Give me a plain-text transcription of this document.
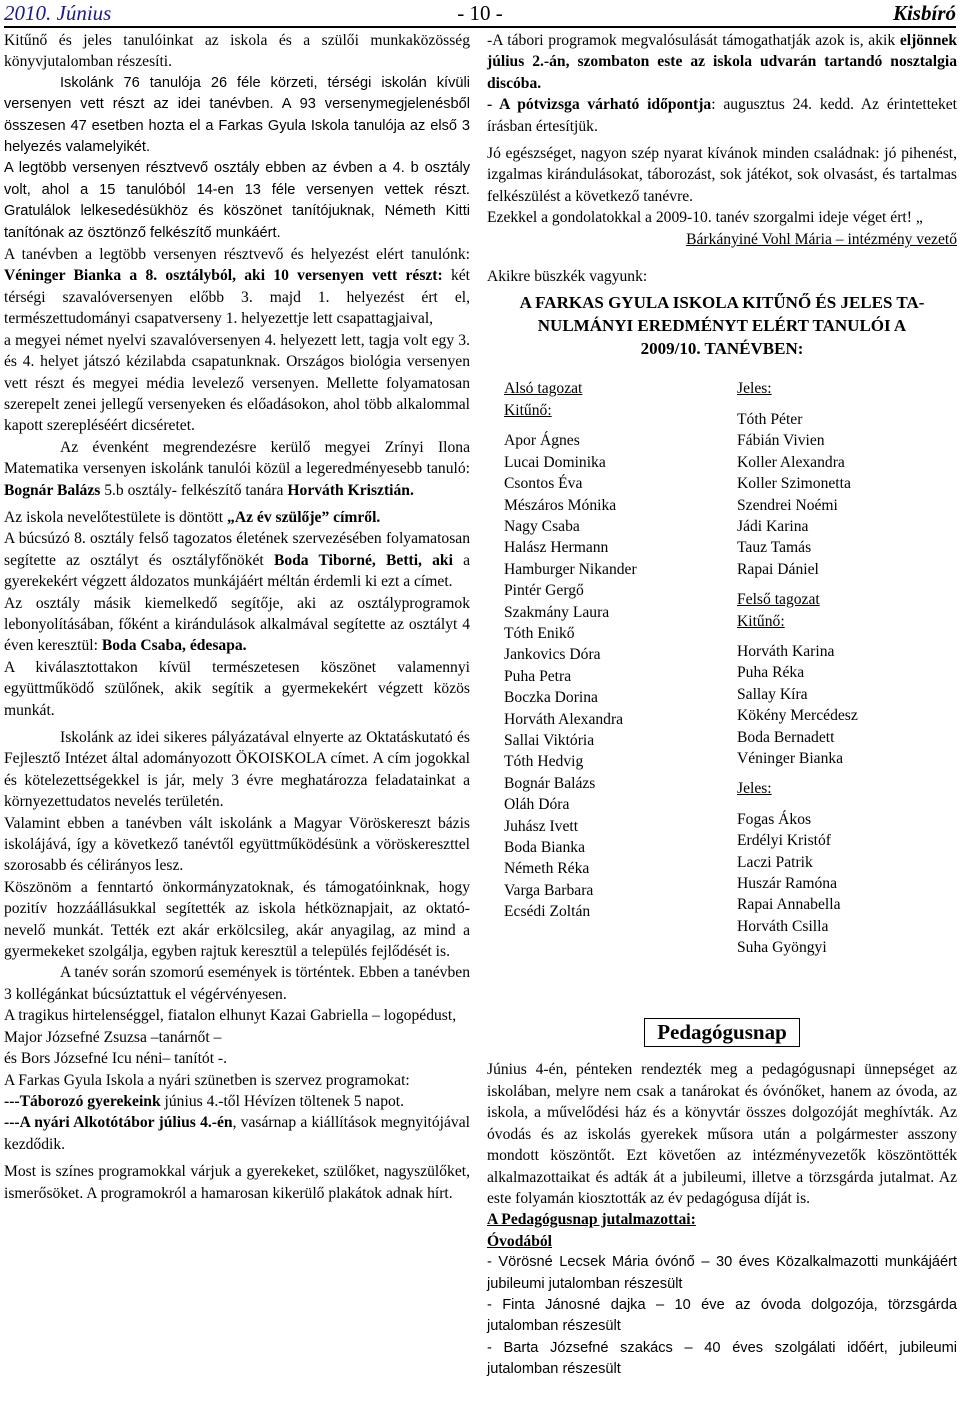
2010. Június	- 10 -	Kisbíró

Kitűnő és jeles tanulóinkat az iskola és a szülői munkaközösség könyvjutalomban részesíti.

Iskolánk 76 tanulója 26 féle körzeti, térségi iskolán kívüli versenyen vett részt az idei tanévben. A 93 versenymegjelenésből összesen 47 esetben hozta el a Farkas Gyula Iskola tanulója az első 3 helyezés valamelyikét.

A legtöbb versenyen résztvevő osztály ebben az évben a 4. b osztály volt, ahol a 15 tanulóból 14-en 13 féle versenyen vettek részt. Gratulálok lelkesedésükhöz és köszönet tanítójuknak, Németh Kitti tanítónak az ösztönző felkészítő munkáért.

A tanévben a legtöbb versenyen résztvevő és helyezést elért tanulónk: Véninger Bianka a 8. osztályból, aki 10 versenyen vett részt: két térségi szavalóversenyen előbb 3. majd 1. helyezést ért el, természettudományi csapatverseny 1. helyezettje lett csapattagjaival,

a megyei német nyelvi szavalóversenyen 4. helyezett lett, tagja volt egy 3. és 4. helyet játszó kézilabda csapatunknak. Országos biológia versenyen vett részt és megyei média levelező versenyen. Mellette folyamatosan szerepelt zenei jellegű versenyeken és előadásokon, ahol több alkalommal kapott szerepléséért dicséretet.

Az évenként megrendezésre kerülő megyei Zrínyi Ilona Matematika versenyen iskolánk tanulói közül a legeredményesebb tanuló: Bognár Balázs 5.b osztály- felkészítő tanára Horváth Krisztián.

Az iskola nevelőtestülete is döntött „Az év szülője” címről.

A búcsúzó 8. osztály felső tagozatos életének szervezésében folyamatosan segítette az osztályt és osztályfőnökét Boda Tiborné, Betti, aki a gyerekekért végzett áldozatos munkájáért méltán érdemli ki ezt a címet.

Az osztály másik kiemelkedő segítője, aki az osztályprogramok lebonyolításában, főként a kirándulások alkalmával segítette az osztályt 4 éven keresztül: Boda Csaba, édesapa.

A kiválasztottakon kívül természetesen köszönet valamennyi együttműködő szülőnek, akik segítik a gyermekekért végzett közös munkát.

Iskolánk az idei sikeres pályázatával elnyerte az Oktatáskutató és Fejlesztő Intézet által adományozott ÖKOISKOLA címet. A cím jogokkal és kötelezettségekkel is jár, mely 3 évre meghatározza feladatainkat a környezettudatos nevelés területén.

Valamint ebben a tanévben vált iskolánk a Magyar Vöröskereszt bázis iskolájává, így a következő tanévtől együttműködésünk a vöröskereszttel szorosabb és célirányos lesz.

Köszönöm a fenntartó önkormányzatoknak, és támogatóinknak, hogy pozitív hozzáállásukkal segítették az iskola hétköznapjait, az oktató-nevelő munkát. Tették ezt akár erkölcsileg, akár anyagilag, az mind a gyermekeket szolgálja, egyben rajtuk keresztül a település fejlődését is.

A tanév során szomorú események is történtek. Ebben a tanévben 3 kollégánkat búcsúztattuk el végérvényesen.

A tragikus hirtelenséggel, fiatalon elhunyt Kazai Gabriella – logopédust,

Major Józsefné Zsuzsa –tanárnőt –

és Bors Józsefné Icu néni– tanítót -.

A Farkas Gyula Iskola a nyári szünetben is szervez programokat:

---Táborozó gyerekeink június 4.-től Hévízen töltenek 5 napot.

---A nyári Alkotótábor július 4.-én, vasárnap a kiállítások megnyitójával kezdődik.

Most is színes programokkal várjuk a gyerekeket, szülőket, nagyszülőket, ismerősöket. A programokról a hamarosan kikerülő plakátok adnak hírt.

-A tábori programok megvalósulását támogathatják azok is, akik eljönnek július 2.-án, szombaton este az iskola udvarán tartandó nosztalgia discóba.

- A pótvizsga várható időpontja: augusztus 24. kedd. Az érintetteket írásban értesítjük.

Jó egészséget, nagyon szép nyarat kívánok minden családnak: jó pihenést, izgalmas kirándulásokat, táborozást, sok játékot, sok olvasást, és tartalmas felkészülést a következő tanévre.

Ezekkel a gondolatokkal a 2009-10. tanév szorgalmi ideje véget ért! „

Bárkányiné Vohl Mária – intézmény vezető

Akikre büszkék vagyunk:

A FARKAS GYULA ISKOLA KITŰNŐ ÉS JELES TA-
NULMÁNYI EREDMÉNYT ELÉRT TANULÓI A
2009/10. TANÉVBEN:
Alsó tagozat
Kitűnő:
Apor Ágnes
Lucai Dominika
Csontos Éva
Mészáros Mónika
Nagy Csaba
Halász Hermann
Hamburger Nikander
Pintér Gergő
Szakmány Laura
Tóth Enikő
Jankovics Dóra
Puha Petra
Boczka Dorina
Horváth Alexandra
Sallai Viktória
Tóth Hedvig
Bognár Balázs
Oláh Dóra
Juhász Ivett
Boda Bianka
Németh Réka
Varga Barbara
Ecsédi Zoltán
Jeles:
Tóth Péter
Fábián Vivien
Koller Alexandra
Koller Szimonetta
Szendrei Noémi
Jádi Karina
Tauz Tamás
Rapai Dániel
Felső tagozat
Kitűnő:
Horváth Karina
Puha Réka
Sallay Kíra
Kökény Mercédesz
Boda Bernadett
Véninger Bianka
Jeles:
Fogas Ákos
Erdélyi Kristóf
Laczi Patrik
Huszár Ramóna
Rapai Annabella
Horváth Csilla
Suha Gyöngyi
Pedagógusnap

Június 4-én, pénteken rendezték meg a pedagógusnapi ünnepséget az iskolában, melyre nem csak a tanárokat és óvónőket, hanem az óvoda, az iskola, a művelődési ház és a könyvtár összes dolgozóját meghívták. Az óvodás és az iskolás gyerekek műsora után a polgármester asszony mondott köszöntőt. Ezt követően az intézményvezetők köszöntötték alkalmazottaikat és adták át a jubileumi, illetve a törzsgárda jutalmat. Az este folyamán kiosztották az év pedagógusa díját is.

A Pedagógusnap jutalmazottai:

Óvodából

- Vörösné Lecsek Mária óvónő – 30 éves Közalkalmazotti munkájáért jubileumi jutalomban részesült

- Finta Jánosné dajka – 10 éve az óvoda dolgozója, törzsgárda jutalomban részesült

- Barta Józsefné szakács – 40 éves szolgálati időért, jubileumi jutalomban részesült
